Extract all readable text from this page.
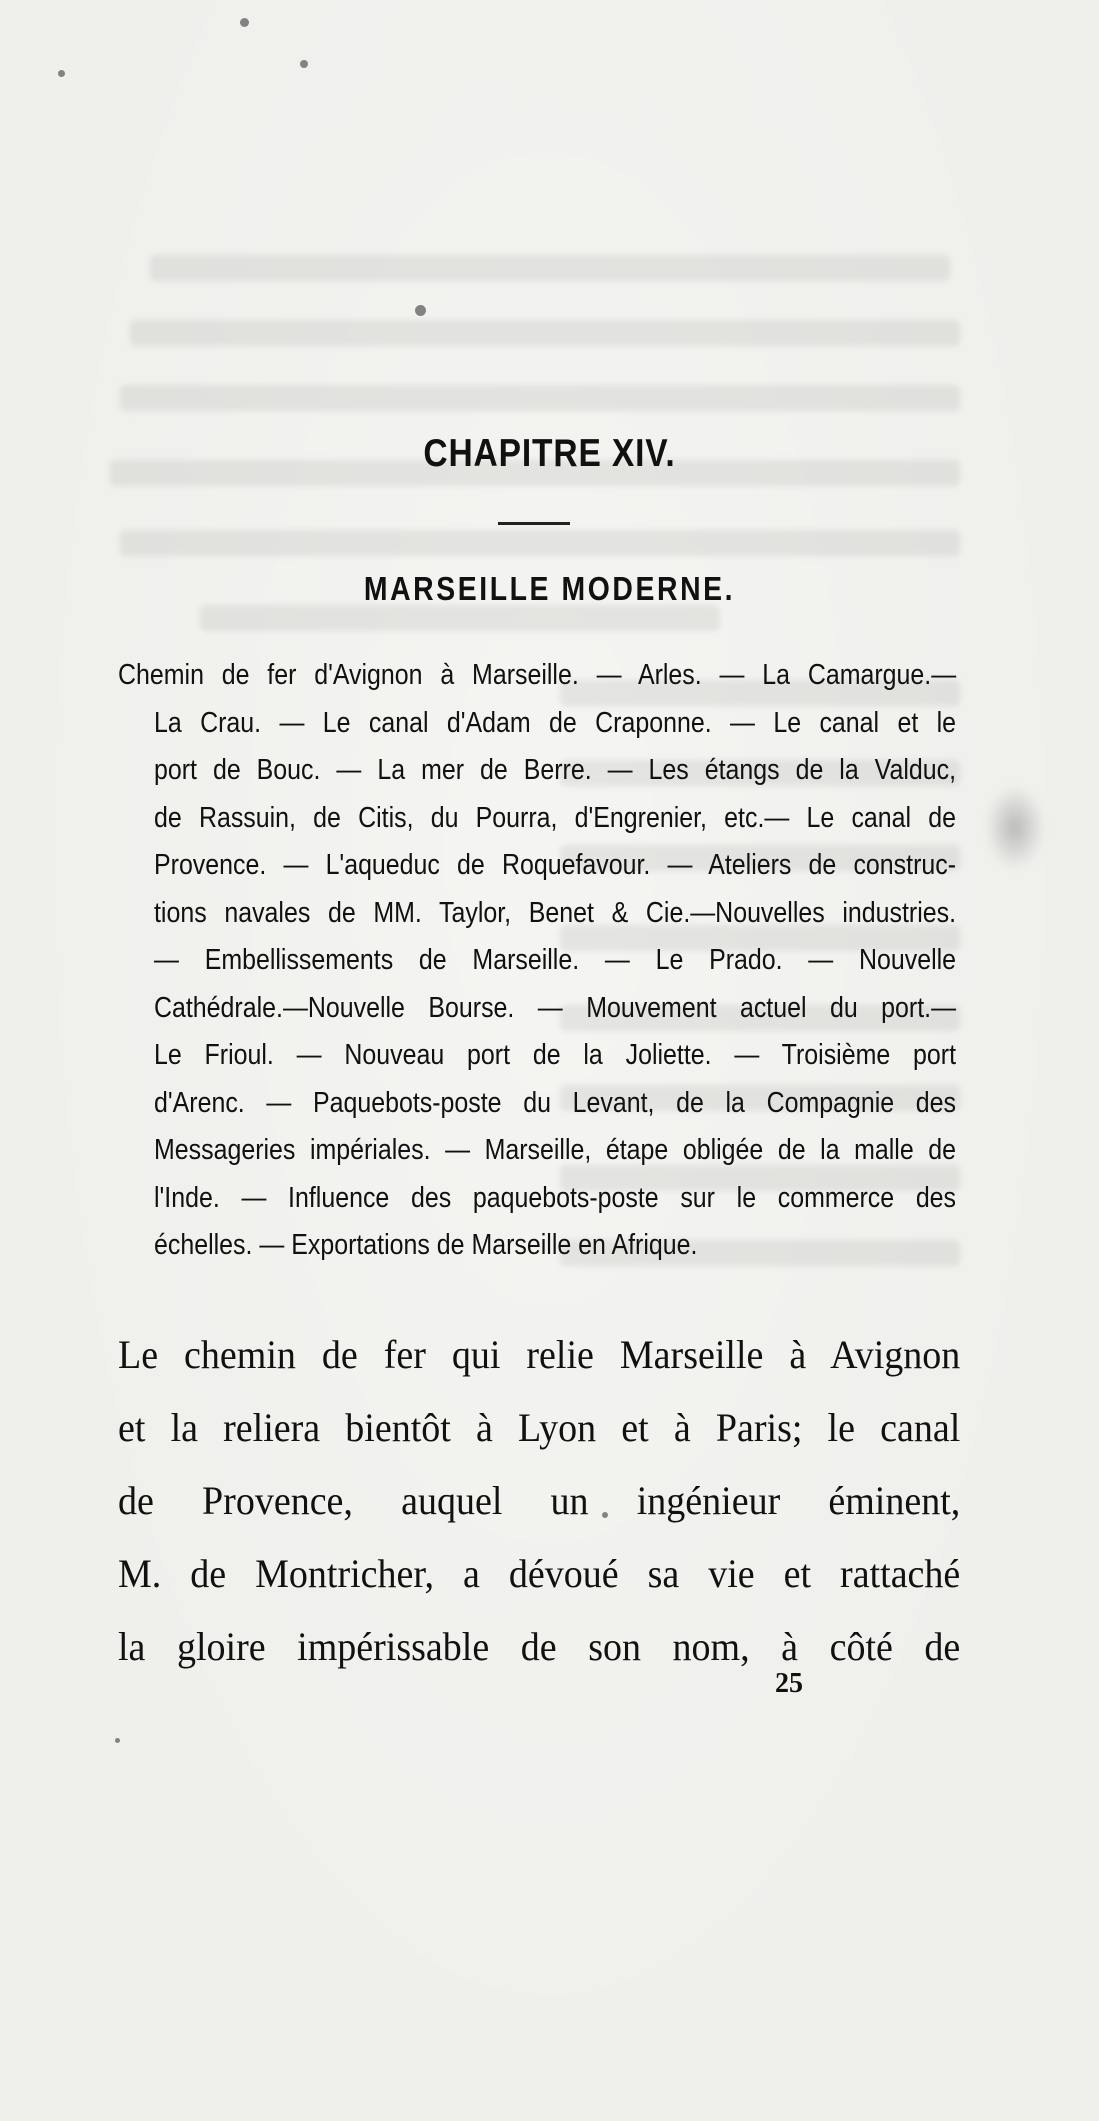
CHAPITRE XIV.
MARSEILLE MODERNE.

Chemin de fer d'Avignon à Marseille. — Arles. — La Camargue.—
La Crau. — Le canal d'Adam de Craponne. — Le canal et le
port de Bouc. — La mer de Berre. — Les étangs de la Valduc,
de Rassuin, de Citis, du Pourra, d'Engrenier, etc.— Le canal de
Provence. — L'aqueduc de Roquefavour. — Ateliers de construc-
tions navales de MM. Taylor, Benet & Cie.—Nouvelles industries.
— Embellissements de Marseille. — Le Prado. — Nouvelle
Cathédrale.—Nouvelle Bourse. — Mouvement actuel du port.—
Le Frioul. — Nouveau port de la Joliette. — Troisième port
d'Arenc. — Paquebots-poste du Levant, de la Compagnie des
Messageries impériales. — Marseille, étape obligée de la malle de
l'Inde. — Influence des paquebots-poste sur le commerce des
échelles. — Exportations de Marseille en Afrique.

Le chemin de fer qui relie Marseille à Avignon
et la reliera bientôt à Lyon et à Paris; le canal
de Provence, auquel un ingénieur éminent,
M. de Montricher, a dévoué sa vie et rattaché
la gloire impérissable de son nom, à côté de

25
